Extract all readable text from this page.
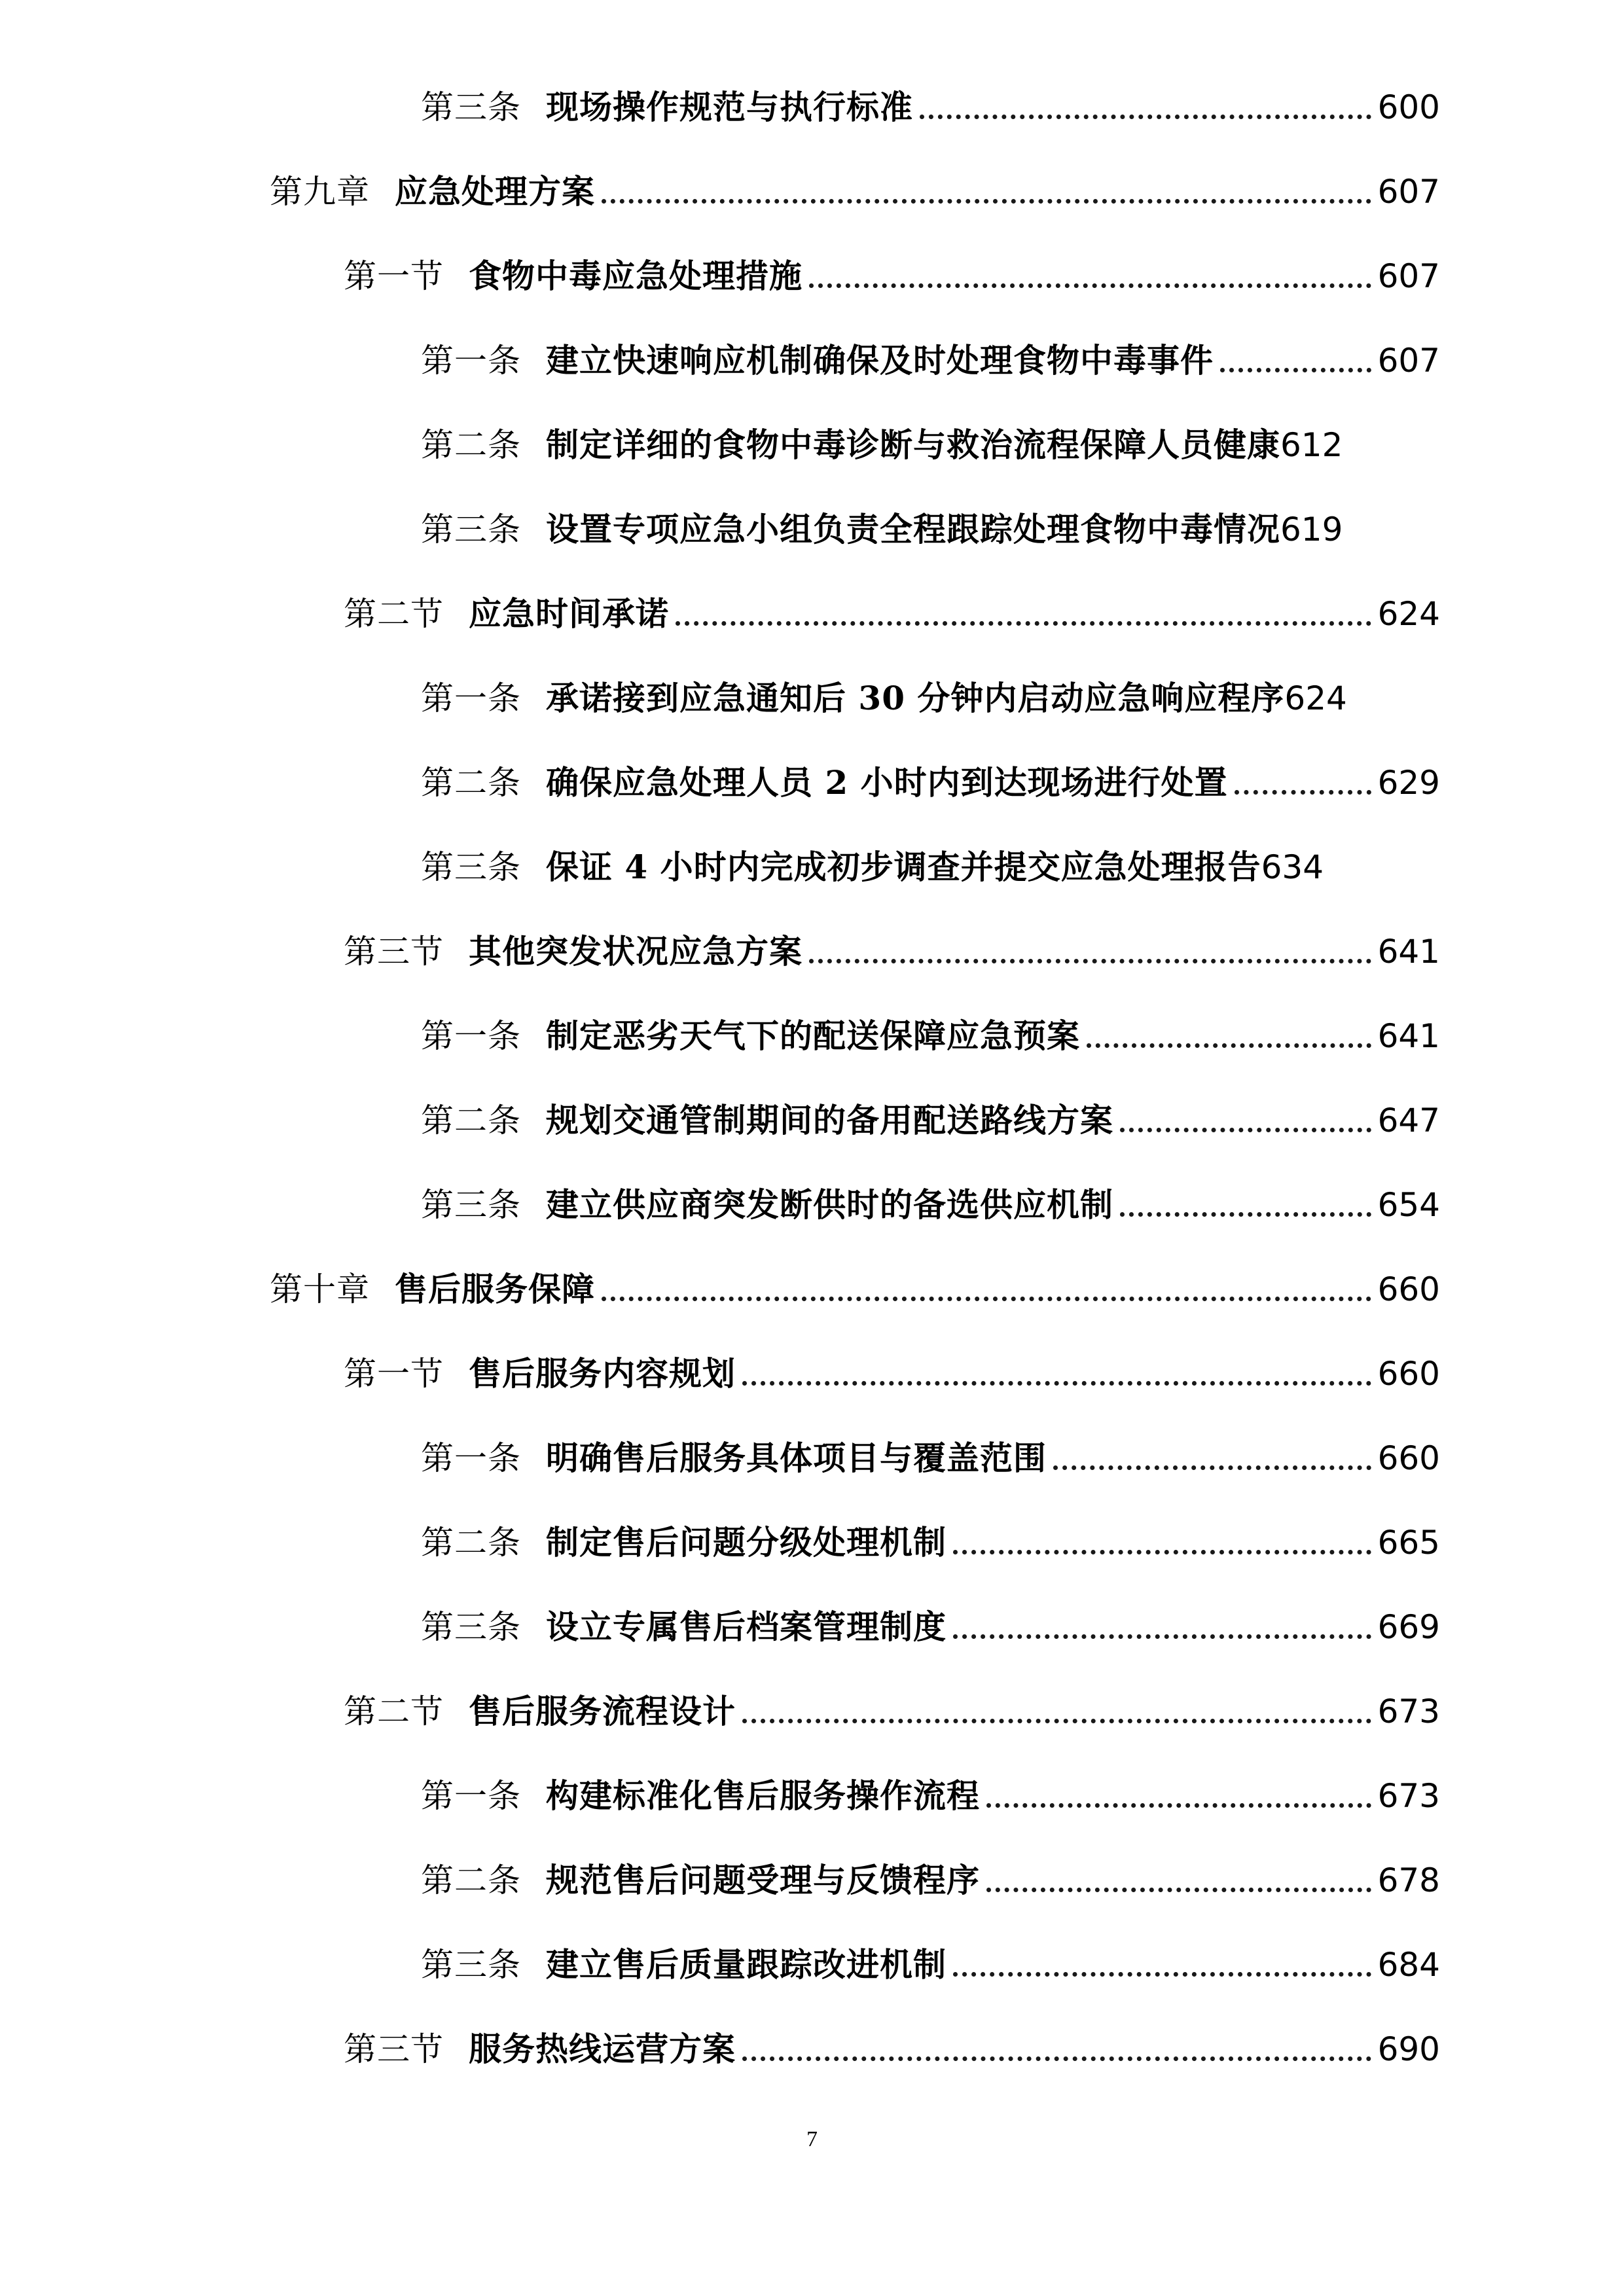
第三条 现场操作规范与执行标准	600
第九章 应急处理方案	607
第一节 食物中毒应急处理措施	607
第一条 建立快速响应机制确保及时处理食物中毒事件	607
第二条 制定详细的食物中毒诊断与救治流程保障人员健康 612
第三条 设置专项应急小组负责全程跟踪处理食物中毒情况 619
第二节 应急时间承诺	624
第一条 承诺接到应急通知后 30 分钟内启动应急响应程序 624
第二条 确保应急处理人员 2 小时内到达现场进行处置	629
第三条 保证 4 小时内完成初步调查并提交应急处理报告 634
第三节 其他突发状况应急方案	641
第一条 制定恶劣天气下的配送保障应急预案	641
第二条 规划交通管制期间的备用配送路线方案	647
第三条 建立供应商突发断供时的备选供应机制	654
第十章 售后服务保障	660
第一节 售后服务内容规划	660
第一条 明确售后服务具体项目与覆盖范围	660
第二条 制定售后问题分级处理机制	665
第三条 设立专属售后档案管理制度	669
第二节 售后服务流程设计	673
第一条 构建标准化售后服务操作流程	673
第二条 规范售后问题受理与反馈程序	678
第三条 建立售后质量跟踪改进机制	684
第三节 服务热线运营方案	690
7
